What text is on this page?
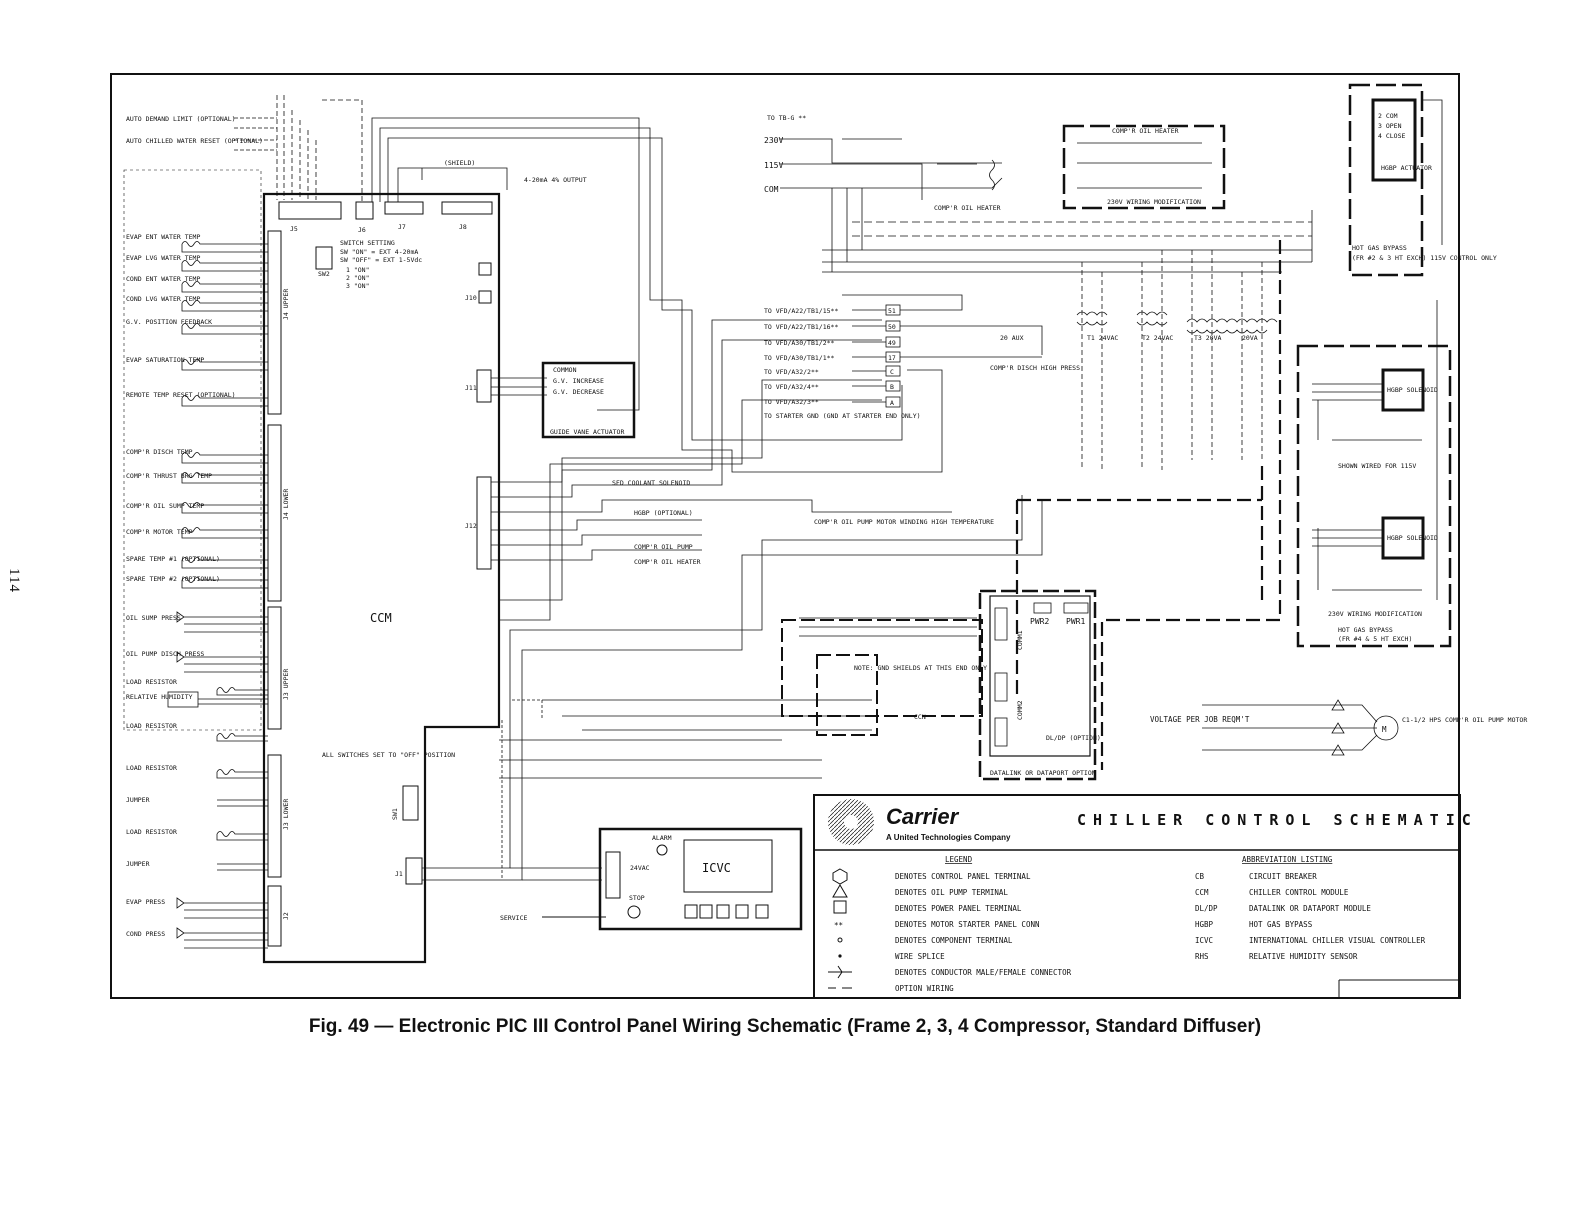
114
CCM
J5	J6	J7	J8
J10
J11
J12
J4 UPPER
J4 LOWER
J3 UPPER
J3 LOWER
J2
J1
SWITCH SETTING
SW "ON" = EXT 4-20mA
SW "OFF" = EXT 1-5Vdc
1 "ON"
2 "ON"
3 "ON"
SW2
ALL SWITCHES SET TO "OFF" POSITION
SW1
AUTO DEMAND LIMIT (OPTIONAL)
AUTO CHILLED WATER RESET (OPTIONAL)
EVAP ENT WATER TEMP
EVAP LVG WATER TEMP
COND ENT WATER TEMP
COND LVG WATER TEMP
G.V. POSITION FEEDBACK
EVAP SATURATION TEMP
REMOTE TEMP RESET (OPTIONAL)
COMP'R DISCH TEMP
COMP'R THRUST BRG TEMP
COMP'R OIL SUMP TEMP
COMP'R MOTOR TEMP
SPARE TEMP #1 (OPTIONAL)
SPARE TEMP #2 (OPTIONAL)
OIL SUMP PRESS
OIL PUMP DISCH PRESS
LOAD RESISTOR
RELATIVE HUMIDITY
LOAD RESISTOR
LOAD RESISTOR
JUMPER
LOAD RESISTOR
JUMPER
EVAP PRESS
COND PRESS
4-20mA 4% OUTPUT
TO TB-G **
230V
115V
COM
COMP'R OIL HEATER
COMP'R OIL HEATER
230V WIRING MODIFICATION
TO VFD/A22/TB1/15**
TO VFD/A22/TB1/16**
TO VFD/A30/TB1/2**
TO VFD/A30/TB1/1**
TO VFD/A32/2**
TO VFD/A32/4**
TO VFD/A32/3**
TO STARTER GND (GND AT STARTER END ONLY)
51
50
49
17
C
B
A
COMP'R DISCH HIGH PRESS
20 AUX	T1 24VAC	T2 24VAC	T3 20VA	20VA
SFD COOLANT SOLENOID
HGBP (OPTIONAL)
COMP'R OIL PUMP
COMP'R OIL HEATER
COMP'R OIL PUMP MOTOR WINDING HIGH TEMPERATURE
(SHIELD)
NOTE: GND SHIELDS AT THIS END ONLY
CCN
PWR2 PWR1
COMM1
COMM2
DL/DP (OPTION)
DATALINK OR DATAPORT OPTION
VOLTAGE PER JOB REQM'T	C1-1/2 HPS COMP'R OIL PUMP MOTOR
SERVICE
STOP
ALARM
24VAC
HOT GAS BYPASS
(FR #2 & 3 HT EXCH) 115V CONTROL ONLY
2 COM
3 OPEN
4 CLOSE
HGBP ACTUATOR
HGBP SOLENOID
SHOWN WIRED FOR 115V
HGBP SOLENOID
230V WIRING MODIFICATION
HOT GAS BYPASS
(FR #4 & 5 HT EXCH)
COMMON
G.V. INCREASE
G.V. DECREASE
GUIDE VANE ACTUATOR
ICVC
M
Carrier
A United Technologies Company
CHILLER CONTROL SCHEMATIC
LEGEND
**
DENOTES CONTROL PANEL TERMINAL
DENOTES OIL PUMP TERMINAL
DENOTES POWER PANEL TERMINAL
DENOTES MOTOR STARTER PANEL CONN
DENOTES COMPONENT TERMINAL
WIRE SPLICE
DENOTES CONDUCTOR MALE/FEMALE CONNECTOR
OPTION WIRING
ABBREVIATION LISTING
CB	CIRCUIT BREAKER
CCM	CHILLER CONTROL MODULE
DL/DP	DATALINK OR DATAPORT MODULE
HGBP	HOT GAS BYPASS
ICVC	INTERNATIONAL CHILLER VISUAL CONTROLLER
RHS	RELATIVE HUMIDITY SENSOR
Fig. 49 — Electronic PIC III Control Panel Wiring Schematic (Frame 2, 3, 4 Compressor, Standard Diffuser)
